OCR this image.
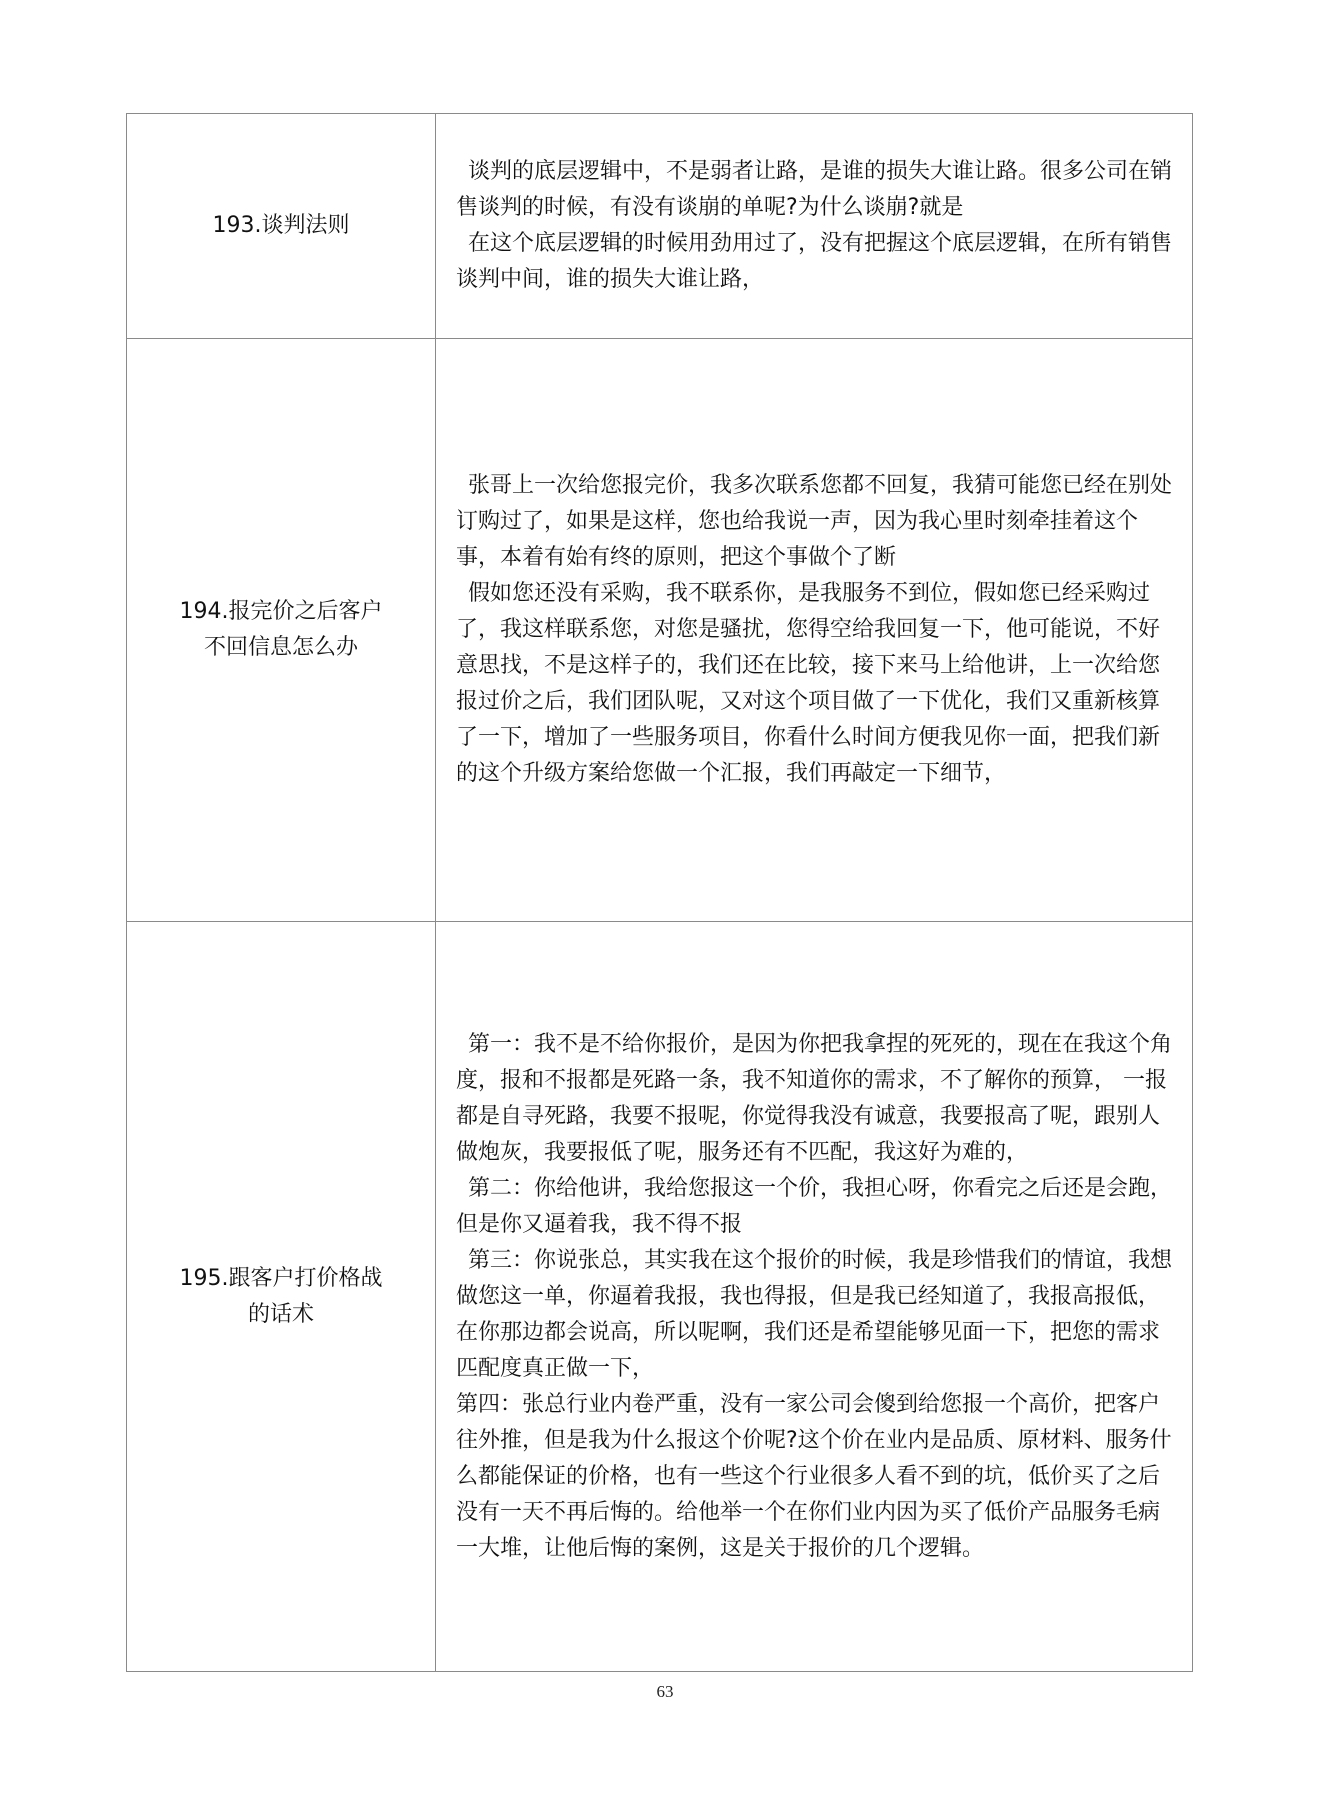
193.谈判法则	谈判的底层逻辑中，不是弱者让路，是谁的损失大谁让路。很多公司在销售谈判的时候，有没有谈崩的单呢?为什么谈崩?就是

在这个底层逻辑的时候用劲用过了，没有把握这个底层逻辑，在所有销售谈判中间，谁的损失大谁让路，

194.报完价之后客户不回信息怎么办	张哥上一次给您报完价，我多次联系您都不回复，我猜可能您已经在别处订购过了，如果是这样，您也给我说一声，因为我心里时刻牵挂着这个事，本着有始有终的原则，把这个事做个了断

假如您还没有采购，我不联系你，是我服务不到位，假如您已经采购过了，我这样联系您，对您是骚扰，您得空给我回复一下，他可能说，不好意思找，不是这样子的，我们还在比较，接下来马上给他讲，上一次给您报过价之后，我们团队呢，又对这个项目做了一下优化，我们又重新核算了一下，增加了一些服务项目，你看什么时间方便我见你一面，把我们新的这个升级方案给您做一个汇报，我们再敲定一下细节，

195.跟客户打价格战的话术	第一：我不是不给你报价，是因为你把我拿捏的死死的，现在在我这个角度，报和不报都是死路一条，我不知道你的需求，不了解你的预算， 一报都是自寻死路，我要不报呢，你觉得我没有诚意，我要报高了呢，跟别人做炮灰，我要报低了呢，服务还有不匹配，我这好为难的，

第二：你给他讲，我给您报这一个价，我担心呀，你看完之后还是会跑，但是你又逼着我，我不得不报

第三：你说张总，其实我在这个报价的时候，我是珍惜我们的情谊，我想做您这一单，你逼着我报，我也得报，但是我已经知道了，我报高报低，在你那边都会说高，所以呢啊，我们还是希望能够见面一下，把您的需求匹配度真正做一下，

第四：张总行业内卷严重，没有一家公司会傻到给您报一个高价，把客户往外推，但是我为什么报这个价呢?这个价在业内是品质、原材料、服务什么都能保证的价格，也有一些这个行业很多人看不到的坑，低价买了之后没有一天不再后悔的。给他举一个在你们业内因为买了低价产品服务毛病一大堆，让他后悔的案例，这是关于报价的几个逻辑。

63
